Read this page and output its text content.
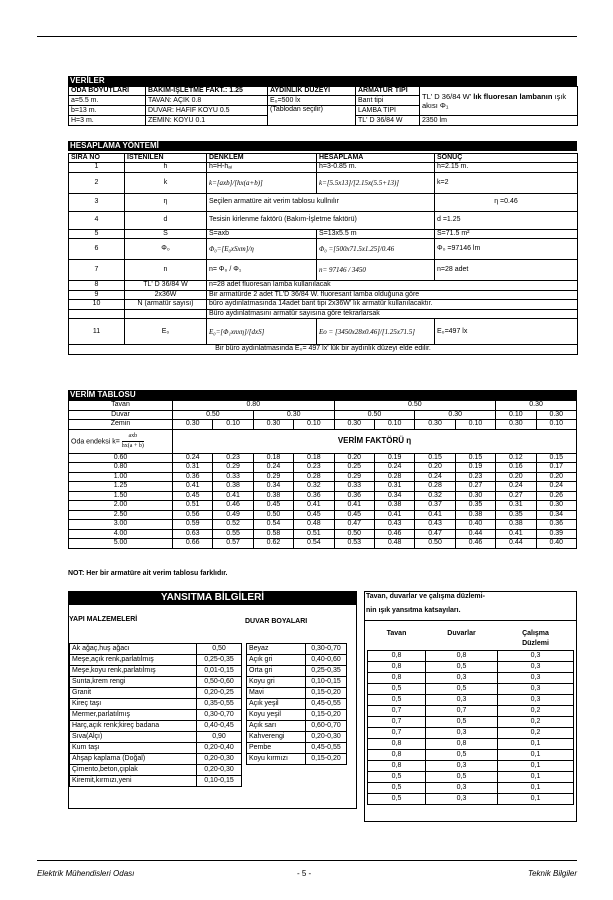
VERİLER
ODA BOYUTLARI	BAKIM-İŞLETME FAKT.: 1.25	AYDINLIK DÜZEYİ	ARMATÜR TİPİ	TL' D 36/84 W' lık fluoresan lambanın ışık akısı Φ₁
a=5.5 m.	TAVAN: AÇIK 0.8	E₀=500 lx	Bant tipi	
b=13 m.	DUVAR: HAFİF KOYU 0.5	(Tablodan seçilir)	LAMBA TİPİ	
H=3 m.	ZEMİN: KOYU 0.1		TL' D 36/84 W	2350 lm
HESAPLAMA YÖNTEMİ
SIRA NO	İSTENİLEN	DENKLEM	HESAPLAMA	SONUÇ
1	h	h=H-hₐᵢ	h=3-0.85 m.	h=2.15 m.
2	k	k=[axb]/[hx(a+b)]	k=[5.5x13]/[2.15x(5.5+13)]	k=2
3	η	Seçilen armatüre ait verim tablosu kullnılır		η =0.46
4	d	Tesisin kirlenme faktörü (Bakım-İşletme faktörü)		d =1.25
5	S	S=axb	S=13x5.5 m	S=71.5 m²
6	Φ₀	Φ₀=[E₀xSxm]/η	Φ₀ =[500x71.5x1.25]/0.46	Φ₀ =97146 lm
7	n	n= Φ₀ / Φ₁	n= 97146 / 3450	n=28 adet
8	TL' D 36/84 W	n=28 adet fluoresan lamba kullanılacak		
9	2x36W	Bir armatürde 2 adet TL'D 36/84 W. fluoresant lamba olduğuna göre		
10	N (armatür sayısı)	büro aydınlatmasında 14adet bant tipi 2x36W' lık armatür kullanılacaktır.		
		Büro aydınlatmasını armatür sayısına göre tekrarlarsak		
11	E₀	E₀=[Φ₁xnxη]/[dxS]	Eo = [3450x28x0.46]/[1.25x71.5]	E₀=497 lx
Bir büro aydınlatmasında E₀= 497 lx' lük bir aydınlık düzeyi elde edilir.				
VERİM TABLOSU
Tavan	0.80				0.50				0.30	
Duvar	0.50		0.30		0.50		0.30		0.10	0.30
Zemin	0.30	0.10	0.30	0.10	0.30	0.10	0.30	0.10	0.30	0.10
Oda endeksi k=
axb
hx(a + b)	VERİM FAKTÖRÜ η									
0.60	0.24	0.23	0.18	0.18	0.20	0.19	0.15	0.15	0.12	0.15
0.80	0.31	0.29	0.24	0.23	0.25	0.24	0.20	0.19	0.16	0.17
1.00	0.36	0.33	0.29	0.28	0.29	0.28	0.24	0.23	0.20	0.20
1.25	0.41	0.38	0.34	0.32	0.33	0.31	0.28	0.27	0.24	0.24
1.50	0.45	0.41	0.38	0.36	0.36	0.34	0.32	0.30	0.27	0.26
2.00	0.51	0.46	0.45	0.41	0.41	0.38	0.37	0.35	0.31	0.30
2.50	0.56	0.49	0.50	0.45	0.45	0.41	0.41	0.38	0.35	0.34
3.00	0.59	0.52	0.54	0.48	0.47	0.43	0.43	0.40	0.38	0.36
4.00	0.63	0.55	0.58	0.51	0.50	0.46	0.47	0.44	0.41	0.39
5.00	0.66	0.57	0.62	0.54	0.53	0.48	0.50	0.46	0.44	0.40
NOT: Her bir armatüre ait verim tablosu farklıdır.
YANSITMA BİLGİLERİ
YAPI MALZEMELERİ	DUVAR BOYALARI
Ak ağaç,huş ağacı	0,50
Meşe,açık renk,parlatılmış	0,25-0,35
Meşe,koyu renk,parlatılmış	0,01-0,15
Sunta,krem rengi	0,50-0,60
Granit	0,20-0,25
Kireç taşı	0,35-0,55
Mermer,parlatılmış	0,30-0,70
Harç,açık renk;kireç badana	0,40-0,45
Sıva(Alçı)	0,90
Kum taşı	0,20-0,40
Ahşap kaplama (Doğal)	0,20-0,30
Çimento,beton,çıplak	0,20-0,30
Kiremit,kırmızı,yeni	0,10-0,15
Beyaz	0,30-0,70
Açık gri	0,40-0,60
Orta gri	0,25-0,35
Koyu gri	0,10-0,15
Mavi	0,15-0,20
Açık yeşil	0,45-0,55
Koyu yeşil	0,15-0,20
Açık sarı	0,60-0,70
Kahverengi	0,20-0,30
Pembe	0,45-0,55
Koyu kırmızı	0,15-0,20
Tavan, duvarlar ve çalışma düzlemi-
nin ışık yansıtma katsayıları.
Tavan	Duvarlar	Çalışma
		Düzlemi
0,8	0,8	0,3
0,8	0,5	0,3
0,8	0,3	0,3
0,5	0,5	0,3
0,5	0,3	0,3
0,7	0,7	0,2
0,7	0,5	0,2
0,7	0,3	0,2
0,8	0,8	0,1
0,8	0,5	0,1
0,8	0,3	0,1
0,5	0,5	0,1
0,5	0,3	0,1
0,5	0,3	0,1
Elektrik Mühendisleri Odası	- 5 -	Teknik Bilgiler
